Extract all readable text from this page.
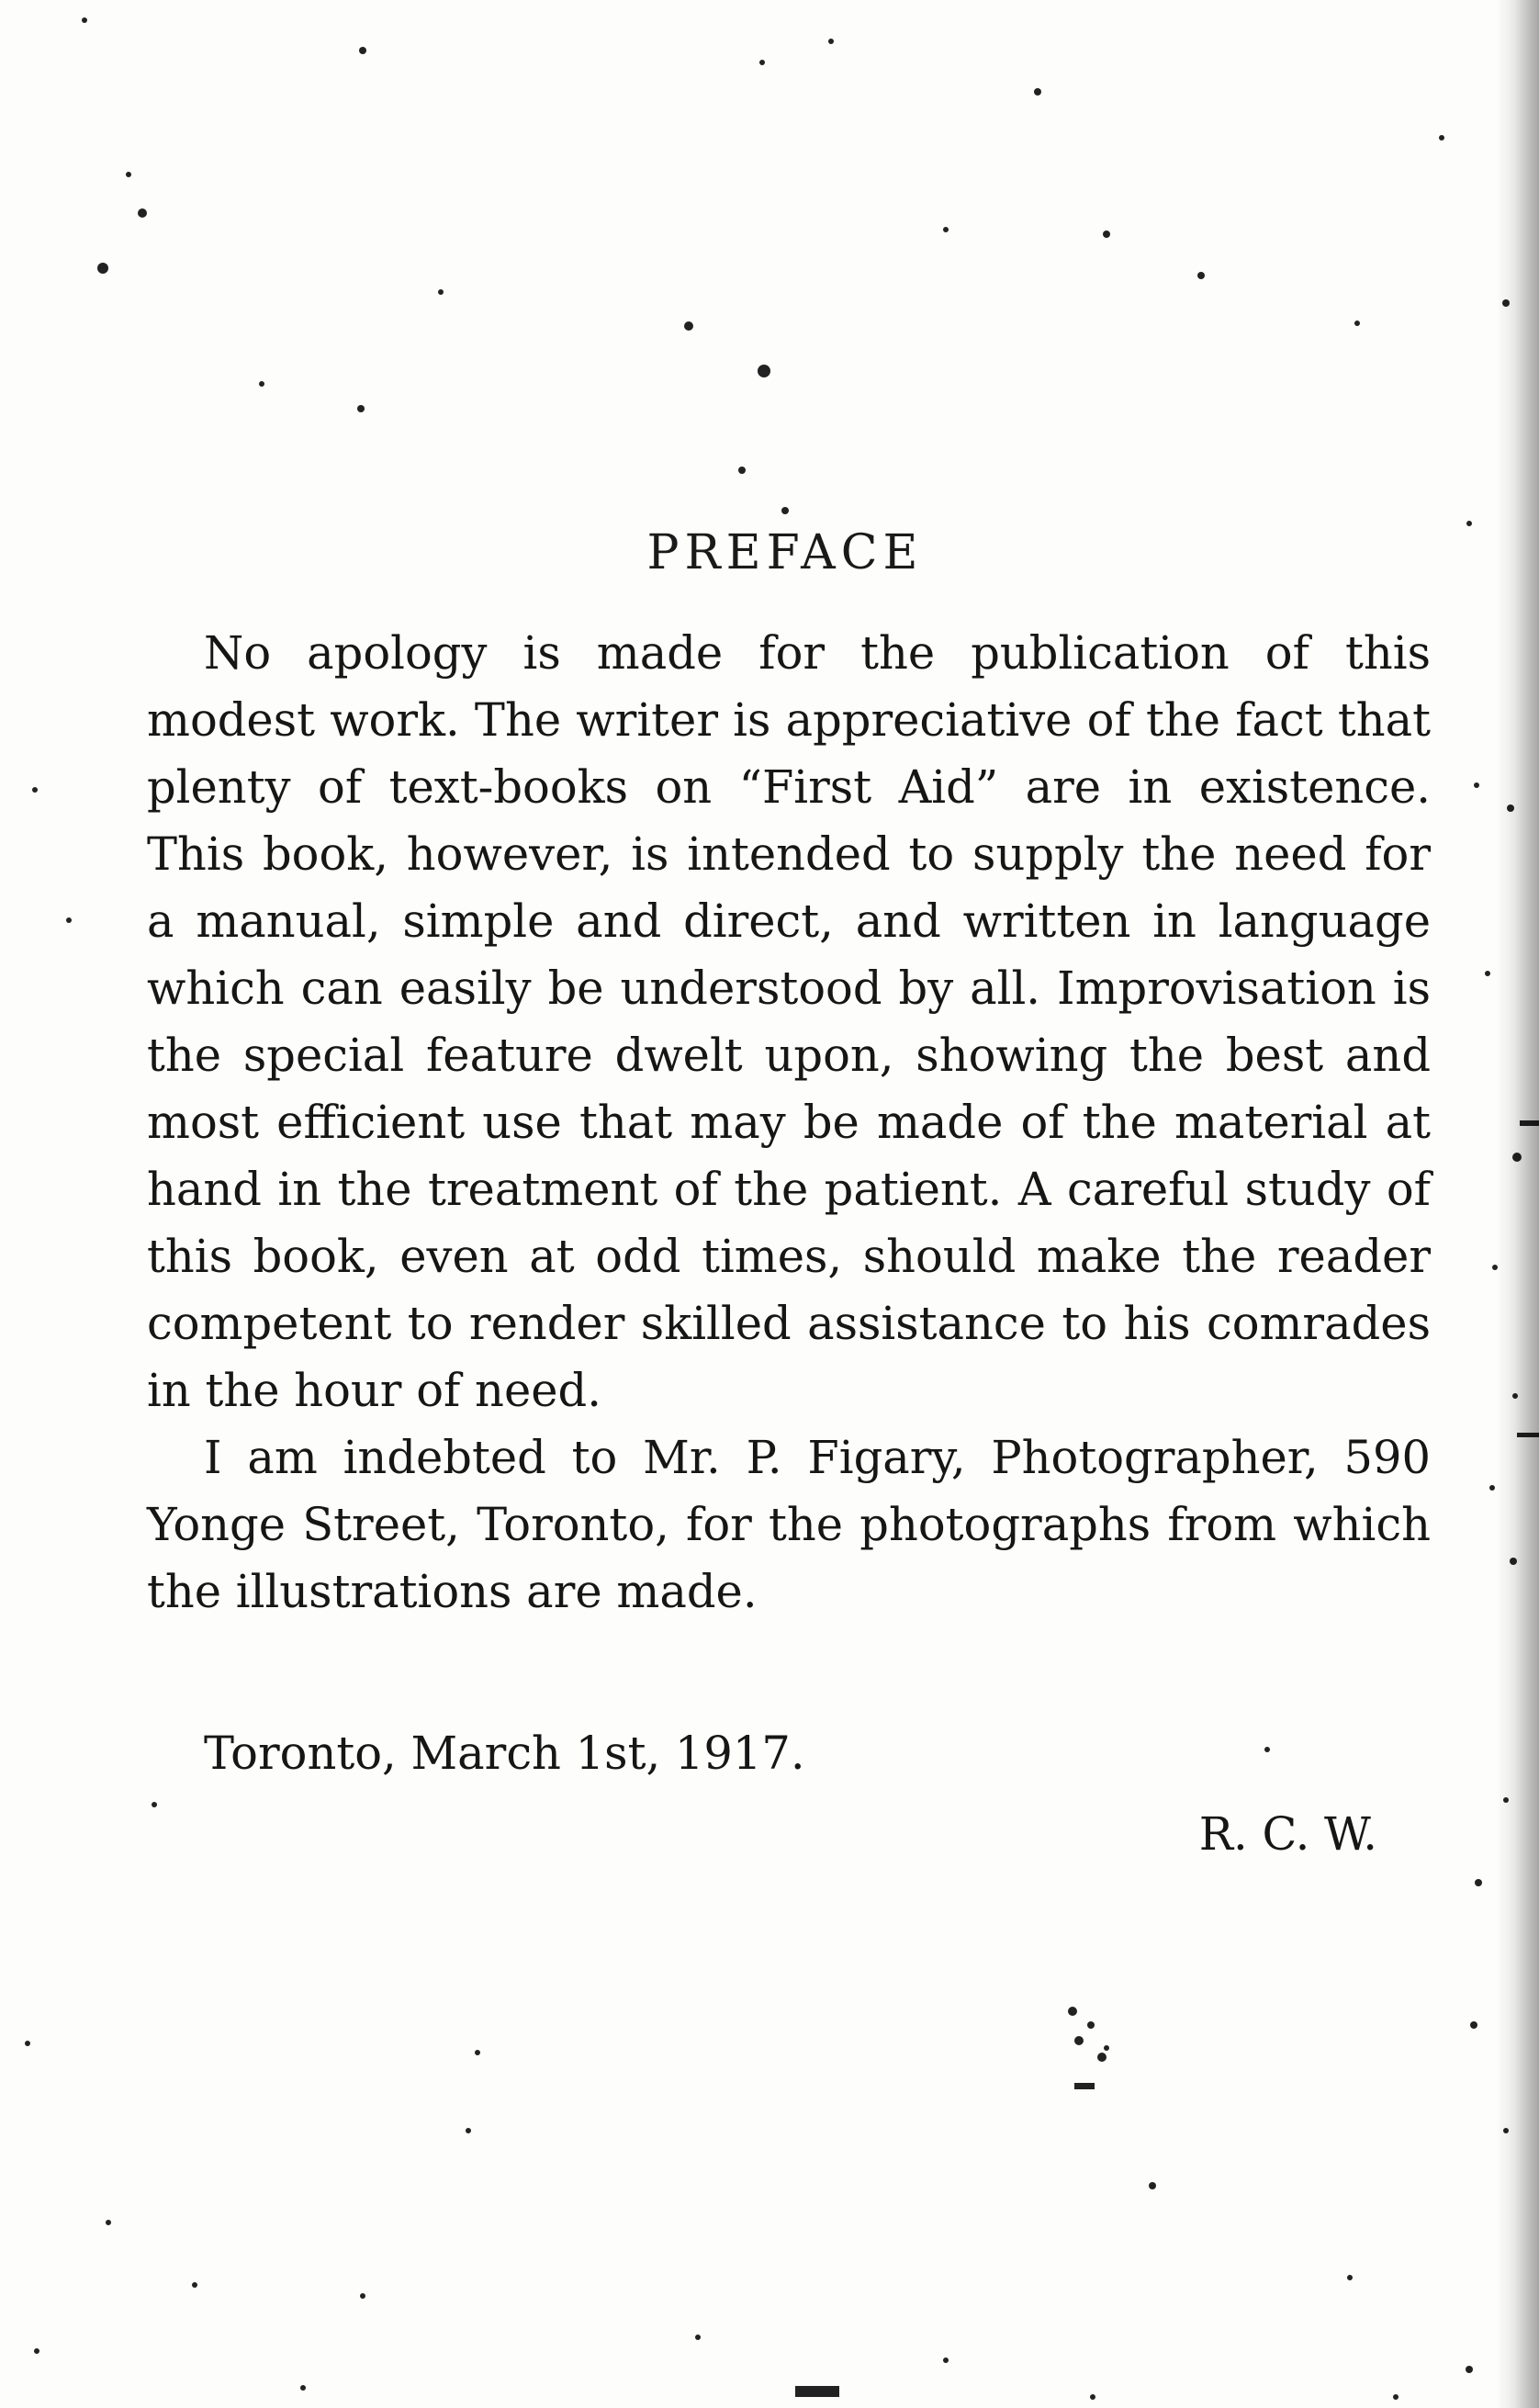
PREFACE

No apology is made for the publication of this modest work. The writer is appreciative of the fact that plenty of text-books on “First Aid” are in existence. This book, however, is intended to supply the need for a manual, simple and direct, and written in language which can easily be understood by all. Improvisation is the special feature dwelt upon, showing the best and most efficient use that may be made of the material at hand in the treatment of the patient. A careful study of this book, even at odd times, should make the reader competent to render skilled assistance to his comrades in the hour of need.

I am indebted to Mr. P. Figary, Photographer, 590 Yonge Street, Toronto, for the photographs from which the illustrations are made.

Toronto, March 1st, 1917.
R. C. W.
